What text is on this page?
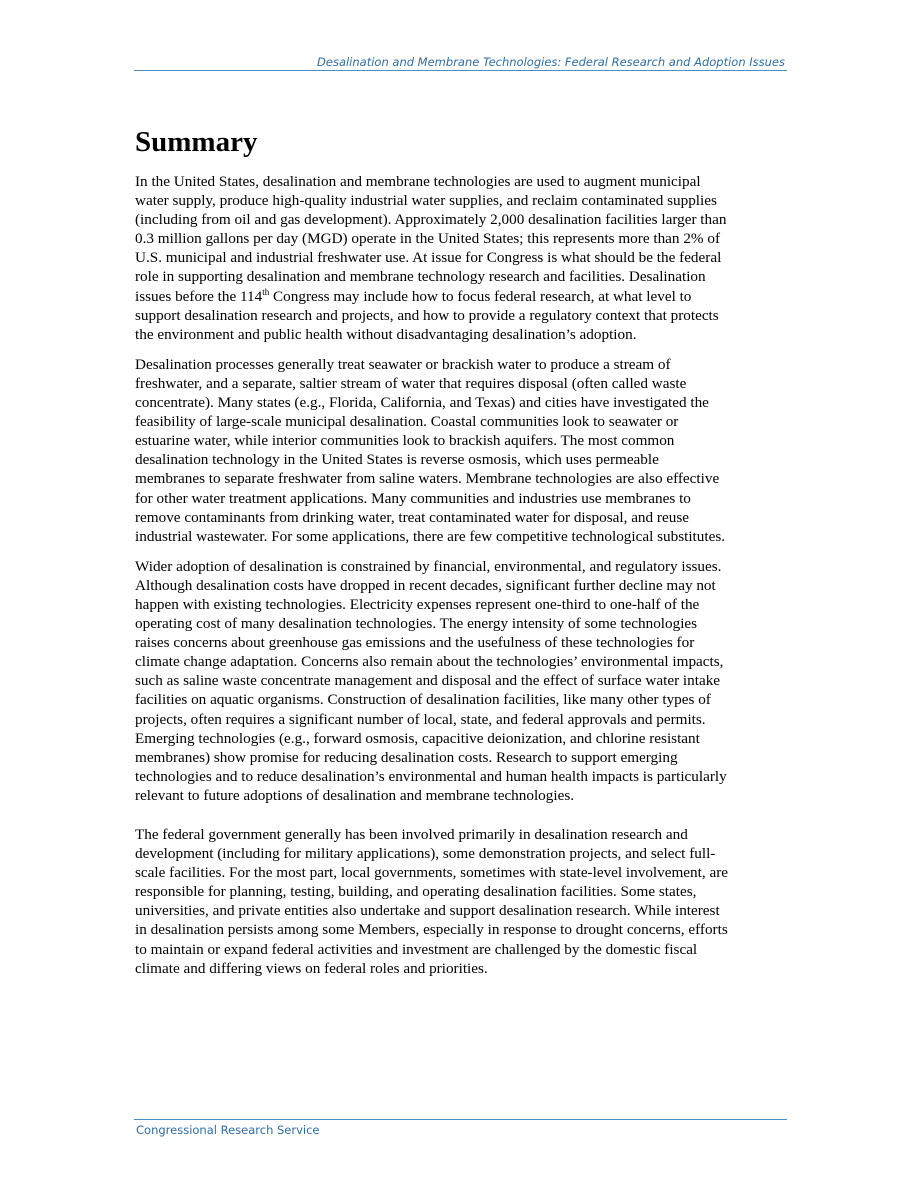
Desalination and Membrane Technologies: Federal Research and Adoption Issues
Summary

In the United States, desalination and membrane technologies are used to augment municipal
water supply, produce high-quality industrial water supplies, and reclaim contaminated supplies
(including from oil and gas development). Approximately 2,000 desalination facilities larger than
0.3 million gallons per day (MGD) operate in the United States; this represents more than 2% of
U.S. municipal and industrial freshwater use. At issue for Congress is what should be the federal
role in supporting desalination and membrane technology research and facilities. Desalination
issues before the 114th Congress may include how to focus federal research, at what level to
support desalination research and projects, and how to provide a regulatory context that protects
the environment and public health without disadvantaging desalination’s adoption.

Desalination processes generally treat seawater or brackish water to produce a stream of
freshwater, and a separate, saltier stream of water that requires disposal (often called waste
concentrate). Many states (e.g., Florida, California, and Texas) and cities have investigated the
feasibility of large-scale municipal desalination. Coastal communities look to seawater or
estuarine water, while interior communities look to brackish aquifers. The most common
desalination technology in the United States is reverse osmosis, which uses permeable
membranes to separate freshwater from saline waters. Membrane technologies are also effective
for other water treatment applications. Many communities and industries use membranes to
remove contaminants from drinking water, treat contaminated water for disposal, and reuse
industrial wastewater. For some applications, there are few competitive technological substitutes.

Wider adoption of desalination is constrained by financial, environmental, and regulatory issues.
Although desalination costs have dropped in recent decades, significant further decline may not
happen with existing technologies. Electricity expenses represent one-third to one-half of the
operating cost of many desalination technologies. The energy intensity of some technologies
raises concerns about greenhouse gas emissions and the usefulness of these technologies for
climate change adaptation. Concerns also remain about the technologies’ environmental impacts,
such as saline waste concentrate management and disposal and the effect of surface water intake
facilities on aquatic organisms. Construction of desalination facilities, like many other types of
projects, often requires a significant number of local, state, and federal approvals and permits.
Emerging technologies (e.g., forward osmosis, capacitive deionization, and chlorine resistant
membranes) show promise for reducing desalination costs. Research to support emerging
technologies and to reduce desalination’s environmental and human health impacts is particularly
relevant to future adoptions of desalination and membrane technologies.

The federal government generally has been involved primarily in desalination research and
development (including for military applications), some demonstration projects, and select full-
scale facilities. For the most part, local governments, sometimes with state-level involvement, are
responsible for planning, testing, building, and operating desalination facilities. Some states,
universities, and private entities also undertake and support desalination research. While interest
in desalination persists among some Members, especially in response to drought concerns, efforts
to maintain or expand federal activities and investment are challenged by the domestic fiscal
climate and differing views on federal roles and priorities.

Congressional Research Service
